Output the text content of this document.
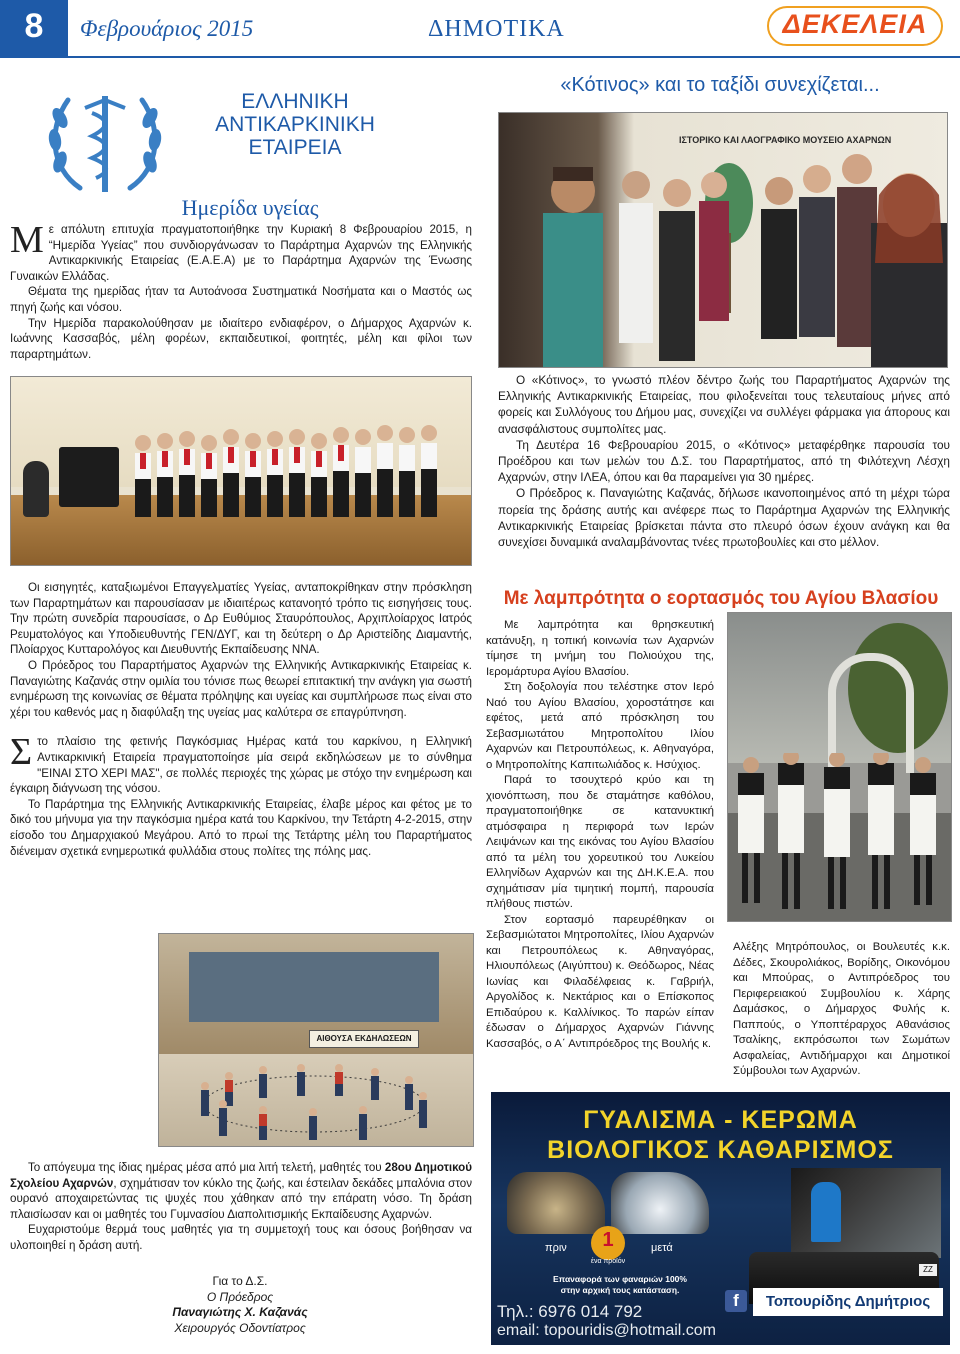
8	Φεβρουάριος 2015	ΔΗΜΟΤΙΚΑ	ΔΕΚΕΛΕΙΑ
ΕΛΛΗΝΙΚΗ
ΑΝΤΙΚΑΡΚΙΝΙΚΗ
ΕΤΑΙΡΕΙΑ
Ημερίδα υγείας

Με απόλυτη επιτυχία πραγματοποιήθηκε την Κυριακή 8 Φεβρουαρίου 2015, η “Ημερίδα Υγείας” που συνδιοργάνωσαν το Παράρτημα Αχαρνών της Ελληνικής Αντικαρκινικής Εταιρείας (Ε.Α.Ε.Α) με το Παράρτημα Αχαρνών της Ένωσης Γυναικών Ελλάδας.

Θέματα της ημερίδας ήταν τα Αυτοάνοσα Συστηματικά Νοσήματα και ο Μαστός ως πηγή ζωής και νόσου.

Την Ημερίδα παρακολούθησαν με ιδιαίτερο ενδιαφέρον, ο Δήμαρχος Αχαρνών κ. Ιωάννης Κασσαβός, μέλη φορέων, εκπαιδευτικοί, φοιτητές, μέλη και φίλοι των παραρτημάτων.

Οι εισηγητές, καταξιωμένοι Επαγγελματίες Υγείας, ανταποκρίθηκαν στην πρόσκληση των Παραρτημάτων και παρουσίασαν με ιδιαιτέρως κατανοητό τρόπο τις εισηγήσεις τους. Την πρώτη συνεδρία παρουσίασε, ο Δρ Ευθύμιος Σταυρόπουλος, Αρχιπλοίαρχος Ιατρός Ρευματολόγος και Υποδιευθυντής ΓΕΝ/ΔΥΓ, και τη δεύτερη ο Δρ Αριστείδης Διαμαντής, Πλοίαρχος Κυτταρολόγος και Διευθυντής Εκπαίδευσης ΝΝΑ.

Ο Πρόεδρος του Παραρτήματος Αχαρνών της Ελληνικής Αντικαρκινικής Εταιρείας κ. Παναγιώτης Καζανάς στην ομιλία του τόνισε πως θεωρεί επιτακτική την ανάγκη για σωστή ενημέρωση της κοινωνίας σε θέματα πρόληψης και υγείας και συμπλήρωσε πως είναι στο χέρι του καθενός μας η διαφύλαξη της υγείας μας καλύτερα σε επαγρύπνηση.

Στο πλαίσιο της φετινής Παγκόσμιας Ημέρας κατά του καρκίνου, η Ελληνική Αντικαρκινική Εταιρεία πραγματοποίησε μία σειρά εκδηλώσεων με το σύνθημα "ΕΙΝΑΙ ΣΤΟ ΧΕΡΙ ΜΑΣ", σε πολλές περιοχές της χώρας με στόχο την ενημέρωση και έγκαιρη διάγνωση της νόσου.

Το Παράρτημα της Ελληνικής Αντικαρκινικής Εταιρείας, έλαβε μέρος και φέτος με το δικό του μήνυμα για την παγκόσμια ημέρα κατά του Καρκίνου, την Τετάρτη 4-2-2015, στην είσοδο του Δημαρχιακού Μεγάρου. Από το πρωί της Τετάρτης μέλη του Παραρτήματος διένειμαν σχετικά ενημερωτικά φυλλάδια στους πολίτες της πόλης μας.

ΑΙΘΟΥΣΑ ΕΚΔΗΛΩΣΕΩΝ

Το απόγευμα της ίδιας ημέρας μέσα από μια λιτή τελετή, μαθητές του 28ου Δημοτικού Σχολείου Αχαρνών, σχημάτισαν τον κύκλο της ζωής, και έστειλαν δεκάδες μπαλόνια στον ουρανό αποχαιρετώντας τις ψυχές που χάθηκαν από την επάρατη νόσο. Τη δράση πλαισίωσαν και οι μαθητές του Γυμνασίου Διαπολιτισμικής Εκπαίδευσης Αχαρνών.

Ευχαριστούμε θερμά τους μαθητές για τη συμμετοχή τους και όσους βοήθησαν να υλοποιηθεί η δράση αυτή.

Για το Δ.Σ.
Ο Πρόεδρος
Παναγιώτης Χ. Καζανάς
Χειρουργός Οδοντίατρος
«Κότινος» και το ταξίδι συνεχίζεται...
ΙΣΤΟΡΙΚΟ ΚΑΙ ΛΑΟΓΡΑΦΙΚΟ ΜΟΥΣΕΙΟ ΑΧΑΡΝΩΝ

Ο «Κότινος», το γνωστό πλέον δέντρο ζωής του Παραρτήματος Αχαρνών της Ελληνικής Αντικαρκινικής Εταιρείας, που φιλοξενείται τους τελευταίους μήνες από φορείς και Συλλόγους του Δήμου μας, συνεχίζει να συλλέγει φάρμακα για άπορους και ανασφάλιστους συμπολίτες μας.

Τη Δευτέρα 16 Φεβρουαρίου 2015, ο «Κότινος» μεταφέρθηκε παρουσία του Προέδρου και των μελών του Δ.Σ. του Παραρτήματος, από τη Φιλότεχνη Λέσχη Αχαρνών, στην ΙΛΕΑ, όπου και θα παραμείνει για 30 ημέρες.

Ο Πρόεδρος κ. Παναγιώτης Καζανάς, δήλωσε ικανοποιημένος από τη μέχρι τώρα πορεία της δράσης αυτής και ανέφερε πως το Παράρτημα Αχαρνών της Ελληνικής Αντικαρκινικής Εταιρείας βρίσκεται πάντα στο πλευρό όσων έχουν ανάγκη και θα συνεχίσει δυναμικά αναλαμβάνοντας τνέες πρωτοβουλίες και στο μέλλον.

Με λαμπρότητα ο εορτασμός του Αγίου Βλασίου

Με λαμπρότητα και θρησκευτική κατάνυξη, η τοπική κοινωνία των Αχαρνών τίμησε τη μνήμη του Πολιούχου της, Ιερομάρτυρα Αγίου Βλασίου.

Στη δοξολογία που τελέστηκε στον Ιερό Ναό του Αγίου Βλασίου, χοροστάτησε και εφέτος, μετά από πρόσκληση του Σεβασμιωτάτου Μητροπολίτου Ιλίου Αχαρνών και Πετρουπόλεως, κ. Αθηναγόρα, ο Μητροπολίτης Καπιτωλιάδος κ. Ησύχιος.

Παρά το τσουχτερό κρύο και τη χιονόπτωση, που δε σταμάτησε καθόλου, πραγματοποιήθηκε σε κατανυκτική ατμόσφαιρα η περιφορά των Ιερών Λειψάνων και της εικόνας του Αγίου Βλασίου από τα μέλη του χορευτικού του Λυκείου Ελληνίδων Αχαρνών και της ΔΗ.Κ.Ε.Α. που σχημάτισαν μία τιμητική πομπή, παρουσία πλήθους πιστών.

Στον εορτασμό παρευρέθηκαν οι Σεβασμιώτατοι Μητροπολίτες, Ιλίου Αχαρνών και Πετρουπόλεως κ. Αθηναγόρας, Ηλιουπόλεως (Αιγύπτου) κ. Θεόδωρος, Νέας Ιωνίας και Φιλαδέλφειας κ. Γαβριήλ, Αργολίδος κ. Νεκτάριος και ο Επίσκοπος Επιδαύρου κ. Καλλίνικος. Το παρών είπαν έδωσαν ο Δήμαρχος Αχαρνών Γιάννης Κασσαβός, ο Α΄ Αντιπρόεδρος της Βουλής κ.

Αλέξης Μητρόπουλος, οι Βουλευτές κ.κ. Δέδες, Σκουρολιάκος, Βορίδης, Οικονόμου και Μπούρας, ο Αντιπρόεδρος του Περιφερειακού Συμβουλίου κ. Χάρης Δαμάσκος, ο Δήμαρχος Φυλής κ. Παππούς, ο Υποπτέραρχος Αθανάσιος Τσαλίκης, εκπρόσωποι των Σωμάτων Ασφαλείας, Αντιδήμαρχοι και Δημοτικοί Σύμβουλοι των Αχαρνών.

ΓΥΑΛΙΣΜΑ - ΚΕΡΩΜΑ
ΒΙΟΛΟΓΙΚΟΣ ΚΑΘΑΡΙΣΜΟΣ
πριν	1
ένα προϊόν
μετά
ZZ
Επαναφορά των φαναριών 100%
στην αρχική τους κατάσταση.
Τηλ.: 6976 014 792
email: topouridis@hotmail.com
f	Τοπουρίδης Δημήτριος
